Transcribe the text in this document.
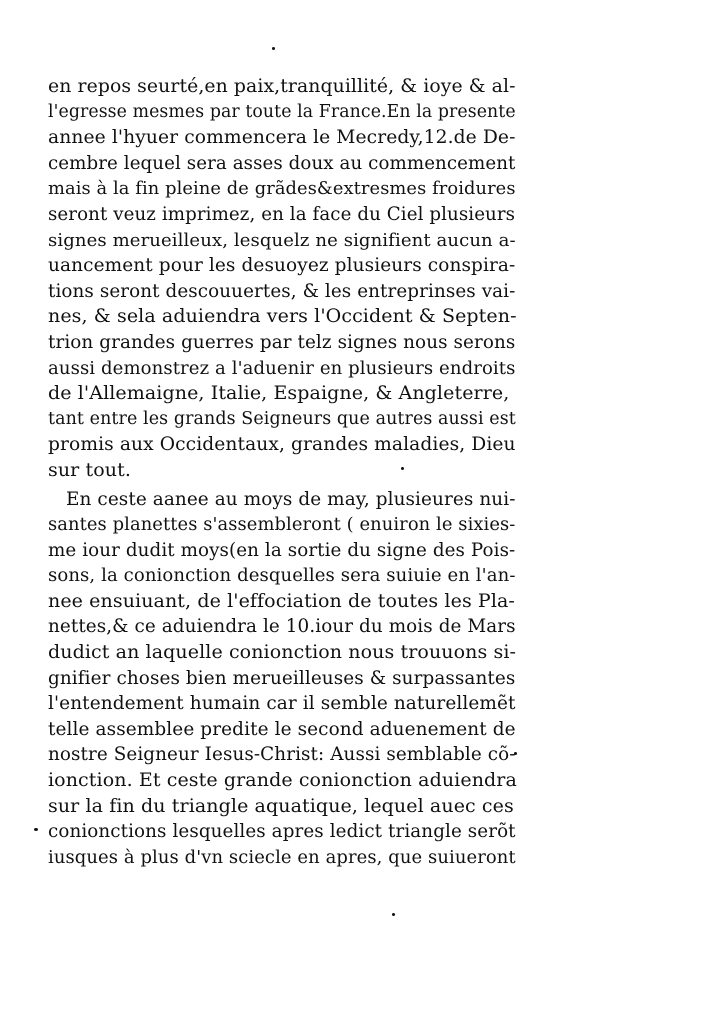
en repos seurté,en paix,tranquillité, & ioye & al-
l'egresse mesmes par toute la France.En la presente
annee l'hyuer commencera le Mecredy,12.de De-
cembre lequel sera asses doux au commencement
mais à la fin pleine de grãdes&extresmes froidures
seront veuz imprimez, en la face du Ciel plusieurs
signes merueilleux, lesquelz ne signifient aucun a-
uancement pour les desuoyez plusieurs conspira-
tions seront descouuertes, & les entreprinses vai-
nes, & sela aduiendra vers l'Occident & Septen-
trion grandes guerres par telz signes nous serons
aussi demonstrez a l'aduenir en plusieurs endroits
de l'Allemaigne, Italie, Espaigne, & Angleterre,
tant entre les grands Seigneurs que autres aussi est
promis aux Occidentaux, grandes maladies, Dieu
sur tout.
En ceste aanee au moys de may, plusieures nui-
santes planettes s'assembleront ( enuiron le sixies-
me iour dudit moys(en la sortie du signe des Pois-
sons, la conionction desquelles sera suiuie en l'an-
nee ensuiuant, de l'effociation de toutes les Pla-
nettes,& ce aduiendra le 10.iour du mois de Mars
dudict an laquelle conionction nous trouuons si-
gnifier choses bien merueilleuses & surpassantes
l'entendement humain car il semble naturellemẽt
telle assemblee predite le second aduenement de
nostre Seigneur Iesus-Christ: Aussi semblable cõ-
ionction. Et ceste grande conionction aduiendra
sur la fin du triangle aquatique, lequel auec ces
conionctions lesquelles apres ledict triangle serõt
iusques à plus d'vn sciecle en apres, que suiueront
